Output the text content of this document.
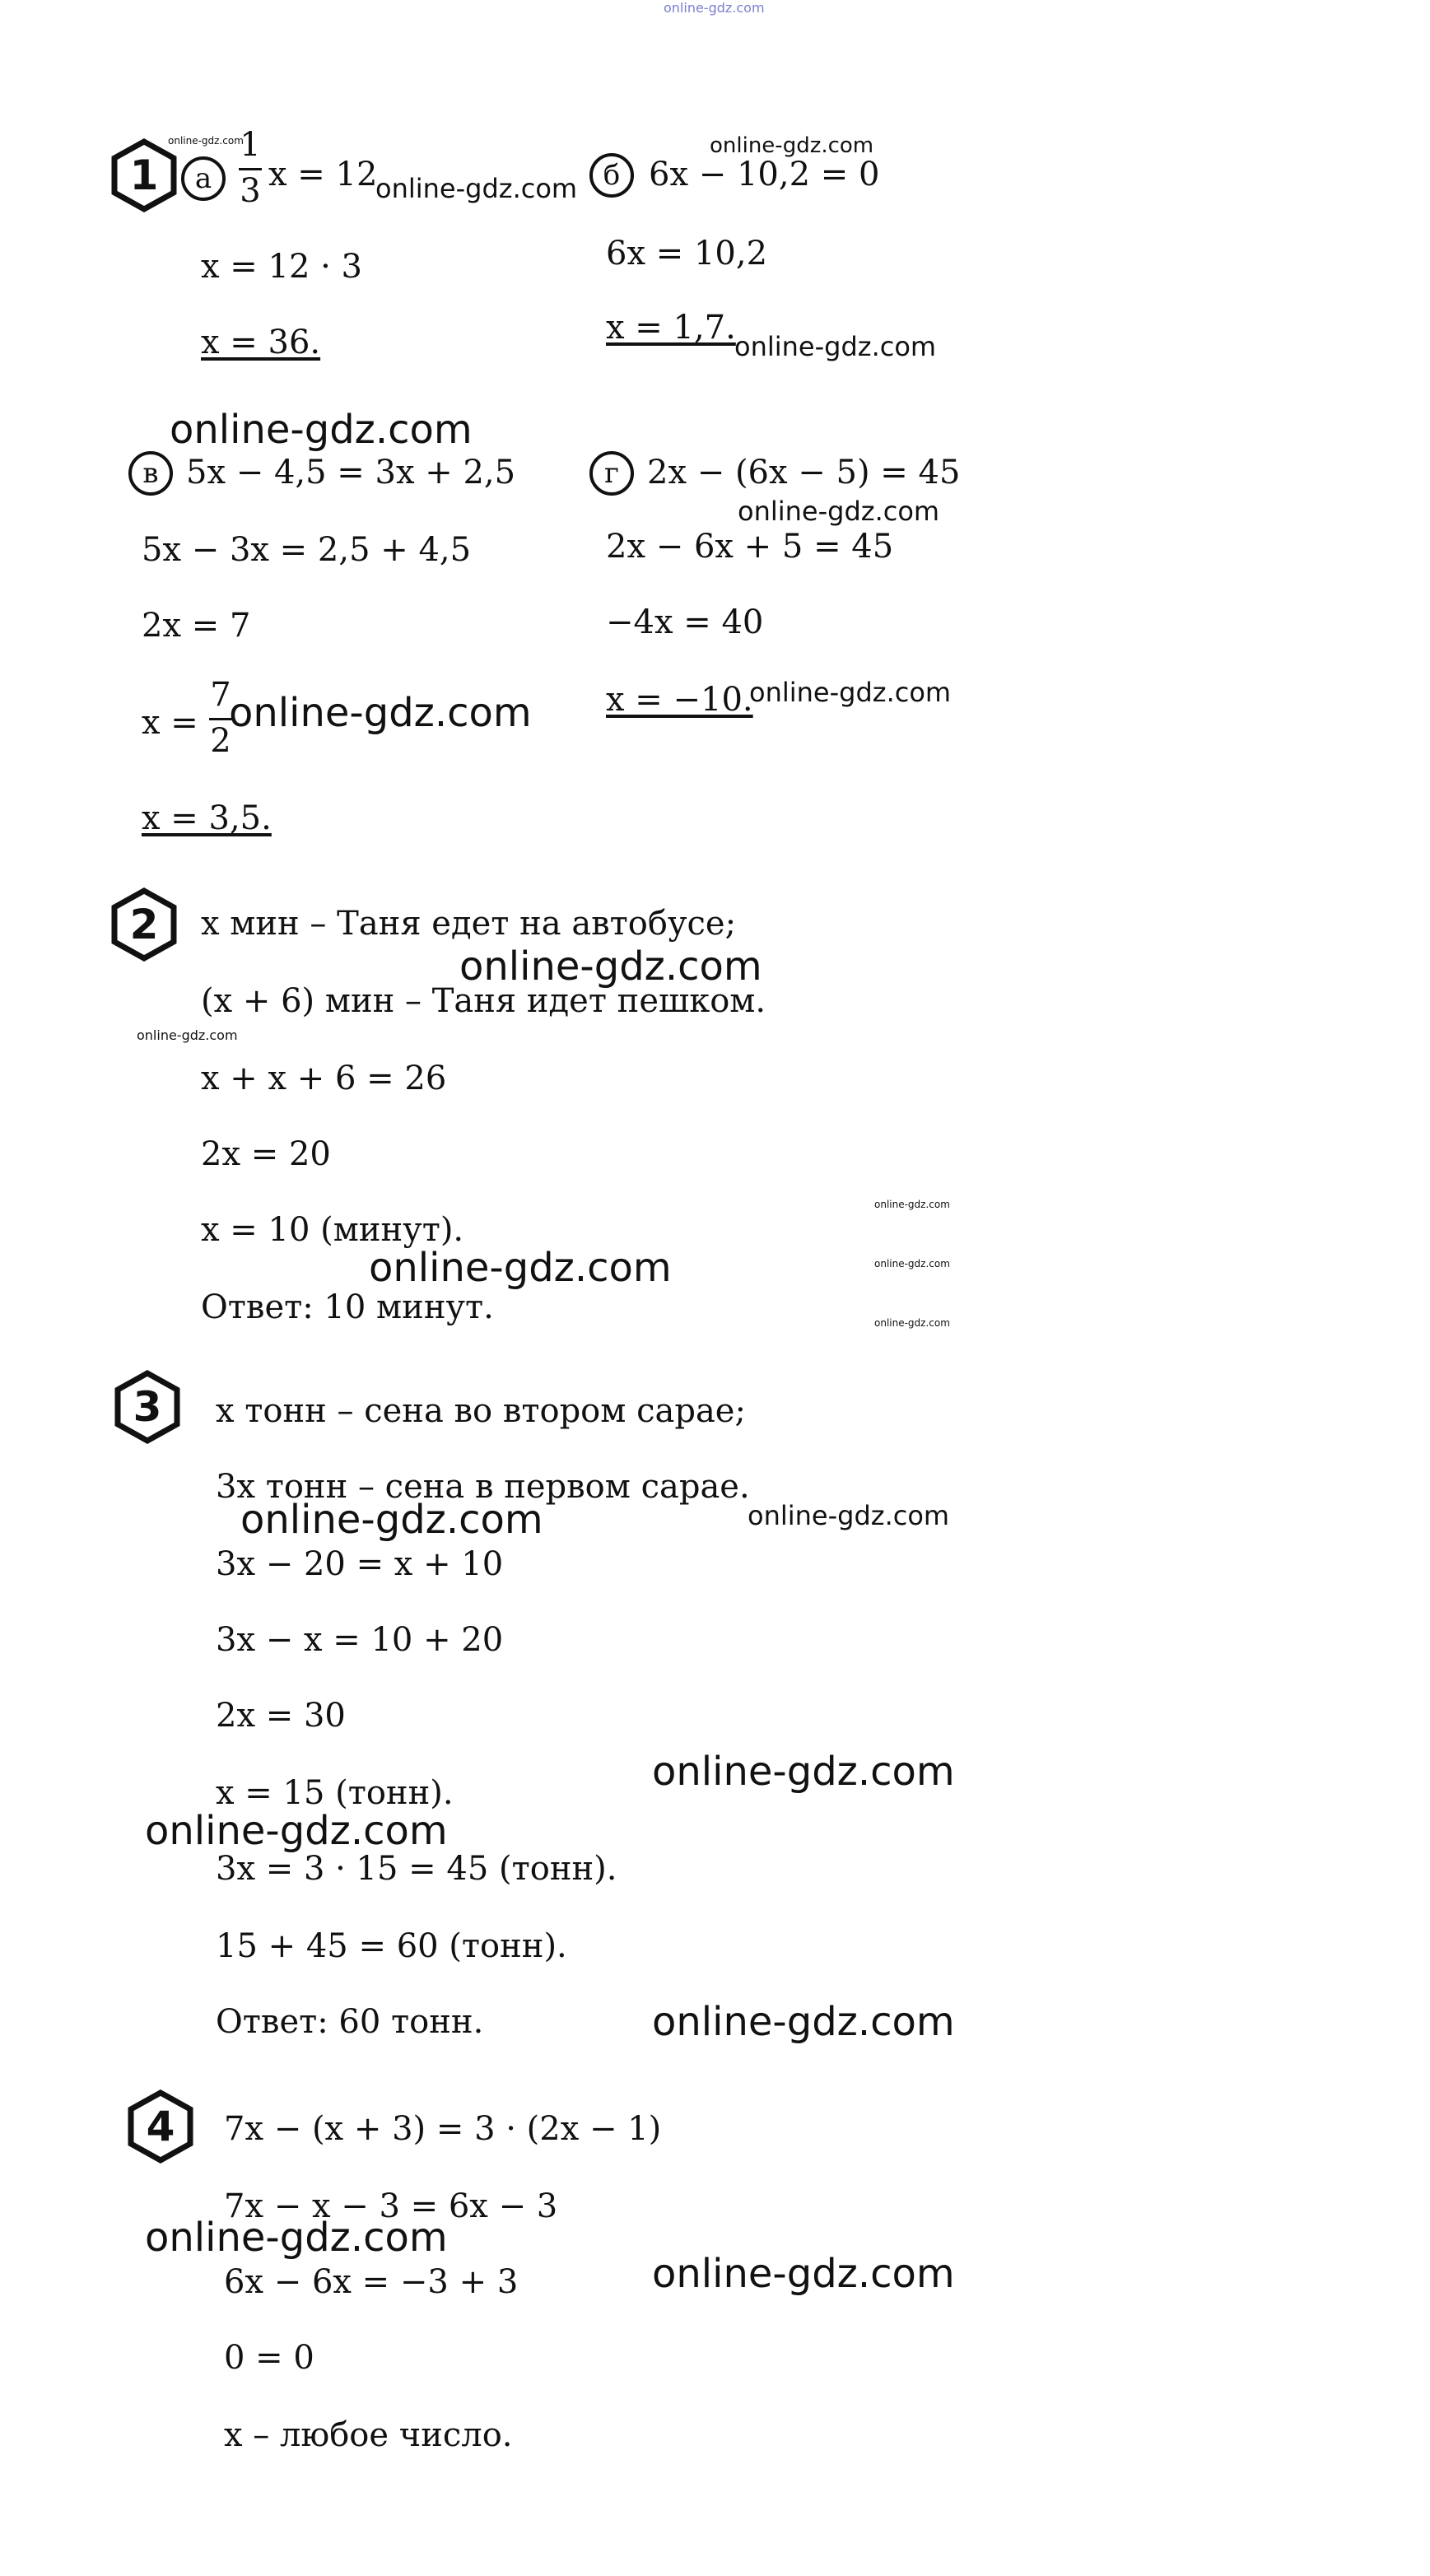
online-gdz.com
1	а
1
3 x = 12
x = 12 · 3
x = 36.
б 6x − 10,2 = 0
6x = 10,2
x = 1,7.
в 5x − 4,5 = 3x + 2,5
5x − 3x = 2,5 + 4,5
2x = 7
x =
7
2
x = 3,5.
г 2x − (6x − 5) = 45
2x − 6x + 5 = 45
−4x = 40
x = −10.
2	x мин – Таня едет на автобусе;
(x + 6) мин – Таня идет пешком.
x + x + 6 = 26
2x = 20
x = 10 (минут).
Ответ: 10 минут.
3	x тонн – сена во втором сарае;
3x тонн – сена в первом сарае.
3x − 20 = x + 10
3x − x = 10 + 20
2x = 30
x = 15 (тонн).
3x = 3 · 15 = 45 (тонн).
15 + 45 = 60 (тонн).
Ответ: 60 тонн.
4	7x − (x + 3) = 3 · (2x − 1)
7x − x − 3 = 6x − 3
6x − 6x = −3 + 3
0 = 0
x – любое число.
online-gdz.com
online-gdz.com
online-gdz.com
online-gdz.com
online-gdz.com
online-gdz.com
online-gdz.com	online-gdz.com
online-gdz.com
online-gdz.com
online-gdz.com
online-gdz.com
online-gdz.com
online-gdz.com
online-gdz.com	online-gdz.com
online-gdz.com
online-gdz.com
online-gdz.com
online-gdz.com
online-gdz.com
